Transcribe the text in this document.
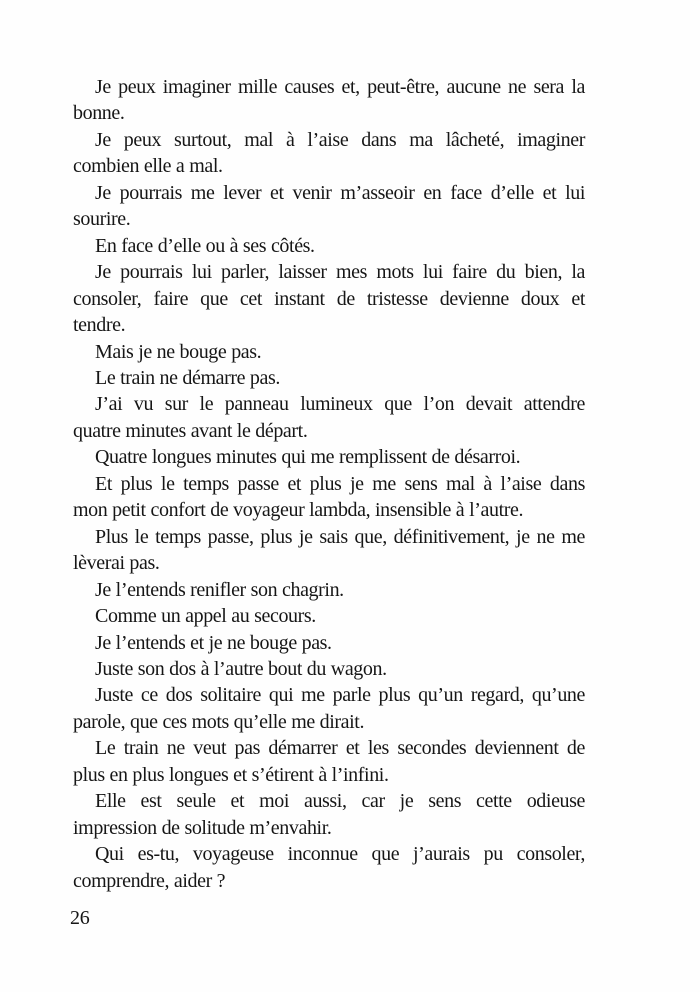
Je peux imaginer mille causes et, peut-être, aucune ne sera la
bonne.
Je peux surtout, mal à l’aise dans ma lâcheté, imaginer
combien elle a mal.
Je pourrais me lever et venir m’asseoir en face d’elle et lui
sourire.
En face d’elle ou à ses côtés.
Je pourrais lui parler, laisser mes mots lui faire du bien, la
consoler, faire que cet instant de tristesse devienne doux et
tendre.
Mais je ne bouge pas.
Le train ne démarre pas.
J’ai vu sur le panneau lumineux que l’on devait attendre
quatre minutes avant le départ.
Quatre longues minutes qui me remplissent de désarroi.
Et plus le temps passe et plus je me sens mal à l’aise dans
mon petit confort de voyageur lambda, insensible à l’autre.
Plus le temps passe, plus je sais que, définitivement, je ne me
lèverai pas.
Je l’entends renifler son chagrin.
Comme un appel au secours.
Je l’entends et je ne bouge pas.
Juste son dos à l’autre bout du wagon.
Juste ce dos solitaire qui me parle plus qu’un regard, qu’une
parole, que ces mots qu’elle me dirait.
Le train ne veut pas démarrer et les secondes deviennent de
plus en plus longues et s’étirent à l’infini.
Elle est seule et moi aussi, car je sens cette odieuse
impression de solitude m’envahir.
Qui es-tu, voyageuse inconnue que j’aurais pu consoler,
comprendre, aider ?
26
